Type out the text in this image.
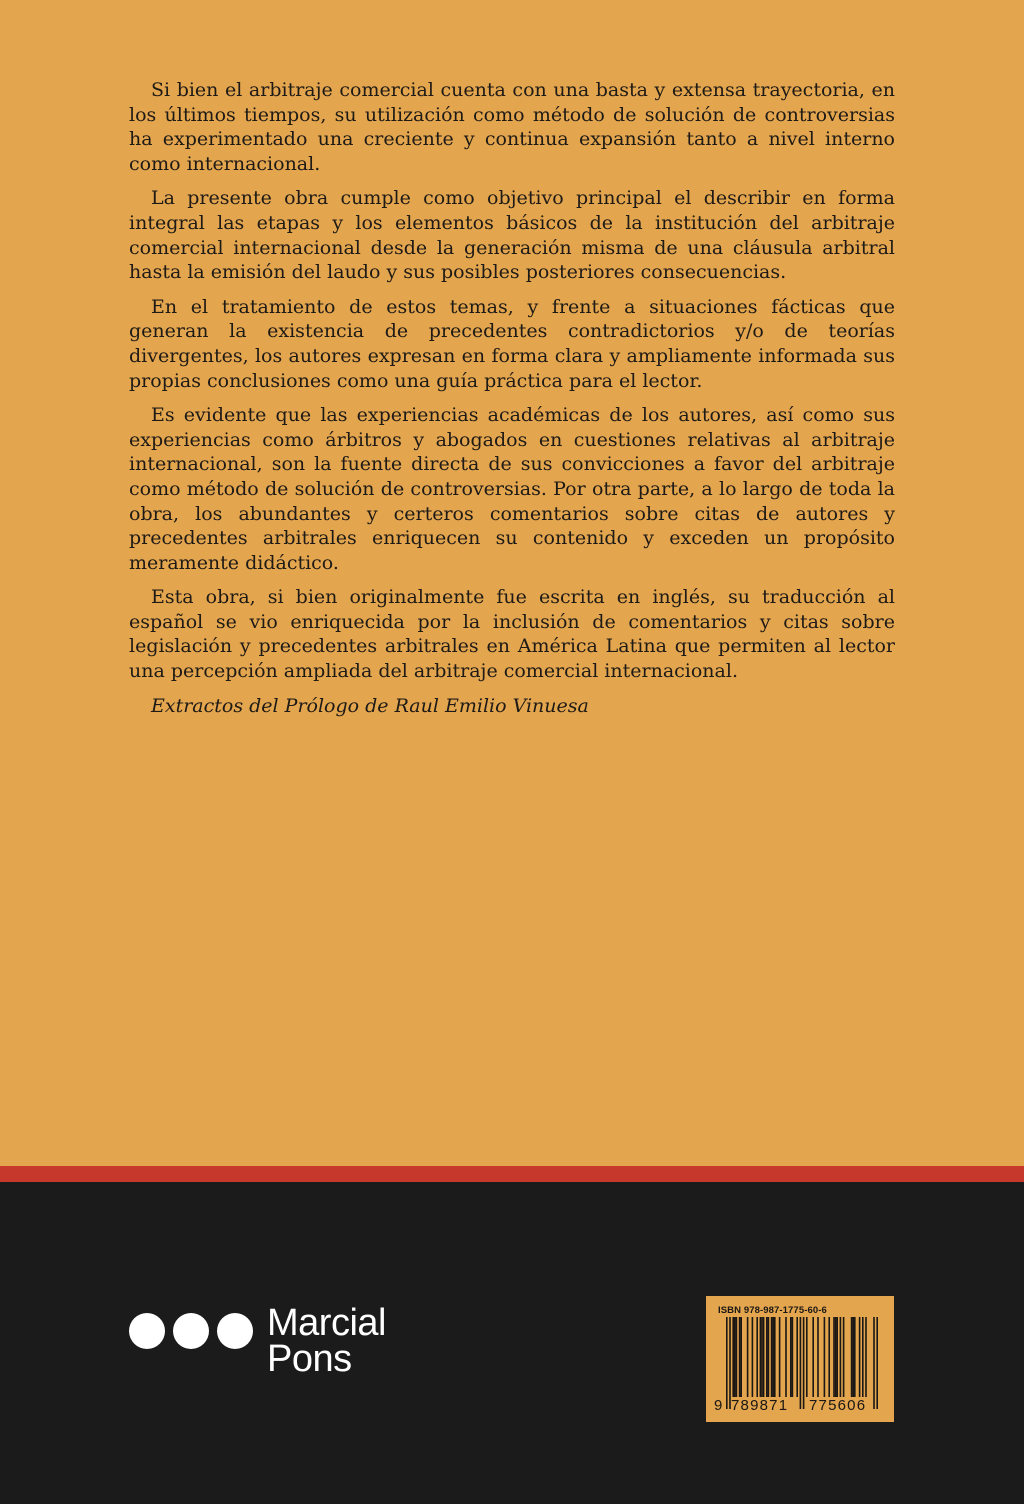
Si bien el arbitraje comercial cuenta con una basta y extensa trayectoria, en los últimos tiempos, su utilización como método de solución de controversias ha experimentado una creciente y continua expansión tanto a nivel interno como internacional.

La presente obra cumple como objetivo principal el describir en forma integral las etapas y los elementos básicos de la institución del arbitraje comercial internacional desde la generación misma de una cláusula arbitral hasta la emisión del laudo y sus posibles posteriores consecuencias.

En el tratamiento de estos temas, y frente a situaciones fácticas que generan la existencia de precedentes contradictorios y/o de teorías divergentes, los autores expresan en forma clara y ampliamente informada sus propias conclusiones como una guía práctica para el lector.

Es evidente que las experiencias académicas de los autores, así como sus experiencias como árbitros y abogados en cuestiones relativas al arbitraje internacional, son la fuente directa de sus convicciones a favor del arbitraje como método de solución de controversias. Por otra parte, a lo largo de toda la obra, los abundantes y certeros comentarios sobre citas de autores y precedentes arbitrales enriquecen su contenido y exceden un propósito meramente didáctico.

Esta obra, si bien originalmente fue escrita en inglés, su traducción al español se vio enriquecida por la inclusión de comentarios y citas sobre legislación y precedentes arbitrales en América Latina que permiten al lector una percepción ampliada del arbitraje comercial internacional.

Extractos del Prólogo de Raul Emilio Vinuesa

Marcial
Pons
ISBN 978-987-1775-60-6
9 789871 775606
